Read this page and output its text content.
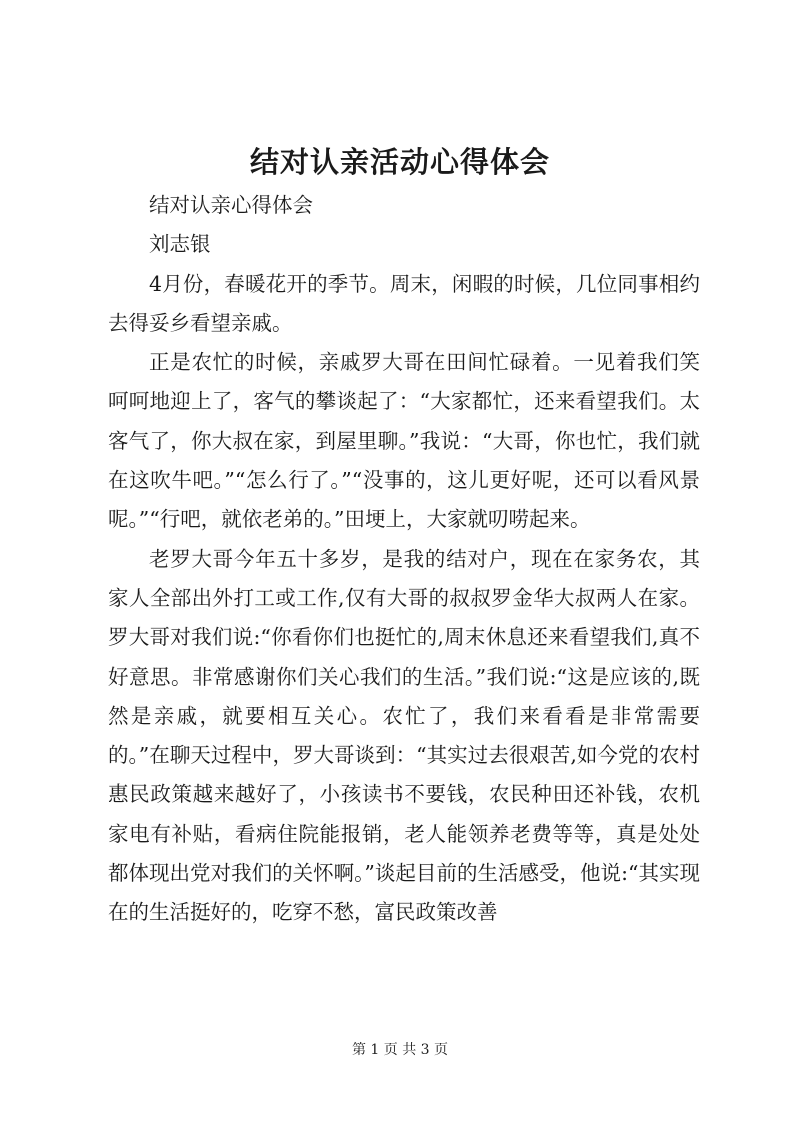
结对认亲活动心得体会

结对认亲心得体会

刘志银

4月份，春暖花开的季节。周末，闲暇的时候，几位同事相约去得妥乡看望亲戚。

正是农忙的时候，亲戚罗大哥在田间忙碌着。一见着我们笑呵呵地迎上了，客气的攀谈起了：“大家都忙，还来看望我们。太客气了，你大叔在家，到屋里聊。”我说：“大哥，你也忙，我们就在这吹牛吧。”“怎么行了。”“没事的，这儿更好呢，还可以看风景呢。”“行吧，就依老弟的。”田埂上，大家就叨唠起来。

老罗大哥今年五十多岁，是我的结对户，现在在家务农，其家人全部出外打工或工作,仅有大哥的叔叔罗金华大叔两人在家。罗大哥对我们说:“你看你们也挺忙的,周末休息还来看望我们,真不好意思。非常感谢你们关心我们的生活。”我们说:“这是应该的,既然是亲戚，就要相互关心。农忙了，我们来看看是非常需要的。”在聊天过程中，罗大哥谈到：“其实过去很艰苦,如今党的农村惠民政策越来越好了，小孩读书不要钱，农民种田还补钱，农机家电有补贴，看病住院能报销，老人能领养老费等等，真是处处都体现出党对我们的关怀啊。”谈起目前的生活感受，他说:“其实现在的生活挺好的，吃穿不愁，富民政策改善

第 1 页 共 3 页
